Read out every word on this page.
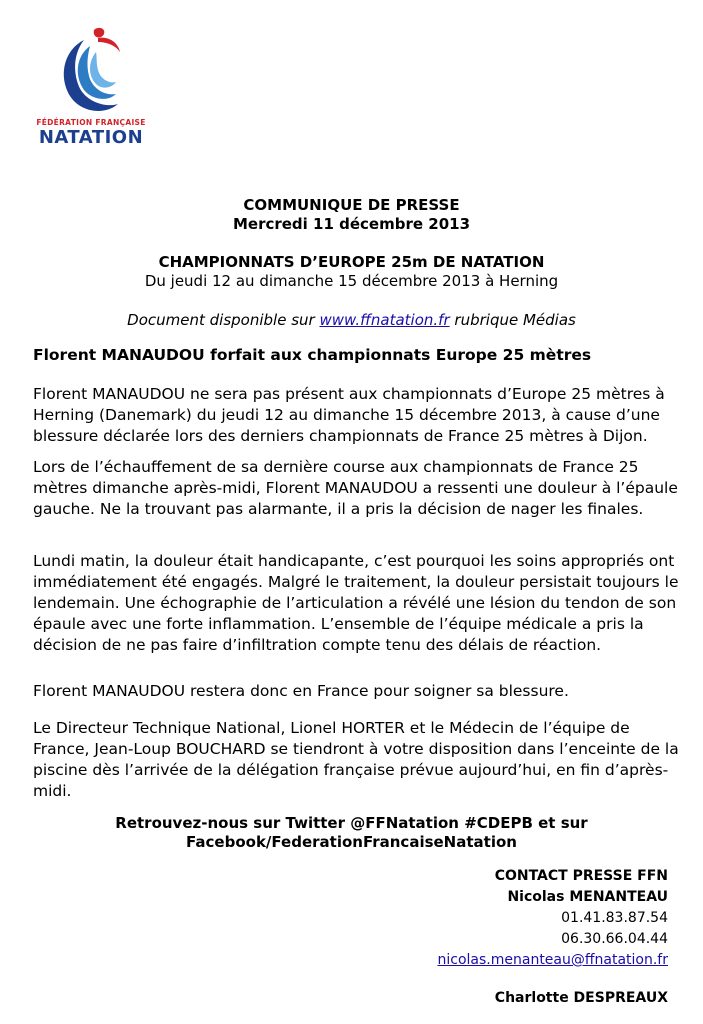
FÉDÉRATION FRANÇAISE
NATATION
COMMUNIQUE DE PRESSE
Mercredi 11 décembre 2013
CHAMPIONNATS D’EUROPE 25m DE NATATION
Du jeudi 12 au dimanche 15 décembre 2013 à Herning
Document disponible sur www.ffnatation.fr rubrique Médias
Florent MANAUDOU forfait aux championnats Europe 25 mètres
Florent MANAUDOU ne sera pas présent aux championnats d’Europe 25 mètres à Herning (Danemark) du jeudi 12 au dimanche 15 décembre 2013, à cause d’une blessure déclarée lors des derniers championnats de France 25 mètres à Dijon.
Lors de l’échauffement de sa dernière course aux championnats de France 25 mètres dimanche après-midi, Florent MANAUDOU a ressenti une douleur à l’épaule gauche. Ne la trouvant pas alarmante, il a pris la décision de nager les finales.
Lundi matin, la douleur était handicapante, c’est pourquoi les soins appropriés ont immédiatement été engagés. Malgré le traitement, la douleur persistait toujours le lendemain. Une échographie de l’articulation a révélé une lésion du tendon de son épaule avec une forte inflammation. L’ensemble de l’équipe médicale a pris la décision de ne pas faire d’infiltration compte tenu des délais de réaction.
Florent MANAUDOU restera donc en France pour soigner sa blessure.
Le Directeur Technique National, Lionel HORTER et le Médecin de l’équipe de France, Jean-Loup BOUCHARD se tiendront à votre disposition dans l’enceinte de la piscine dès l’arrivée de la délégation française prévue aujourd’hui, en fin d’après-midi.
Retrouvez-nous sur Twitter @FFNatation #CDEPB et sur
Facebook/FederationFrancaiseNatation
CONTACT PRESSE FFN
Nicolas MENANTEAU
01.41.83.87.54
06.30.66.04.44
nicolas.menanteau@ffnatation.fr
Charlotte DESPREAUX
